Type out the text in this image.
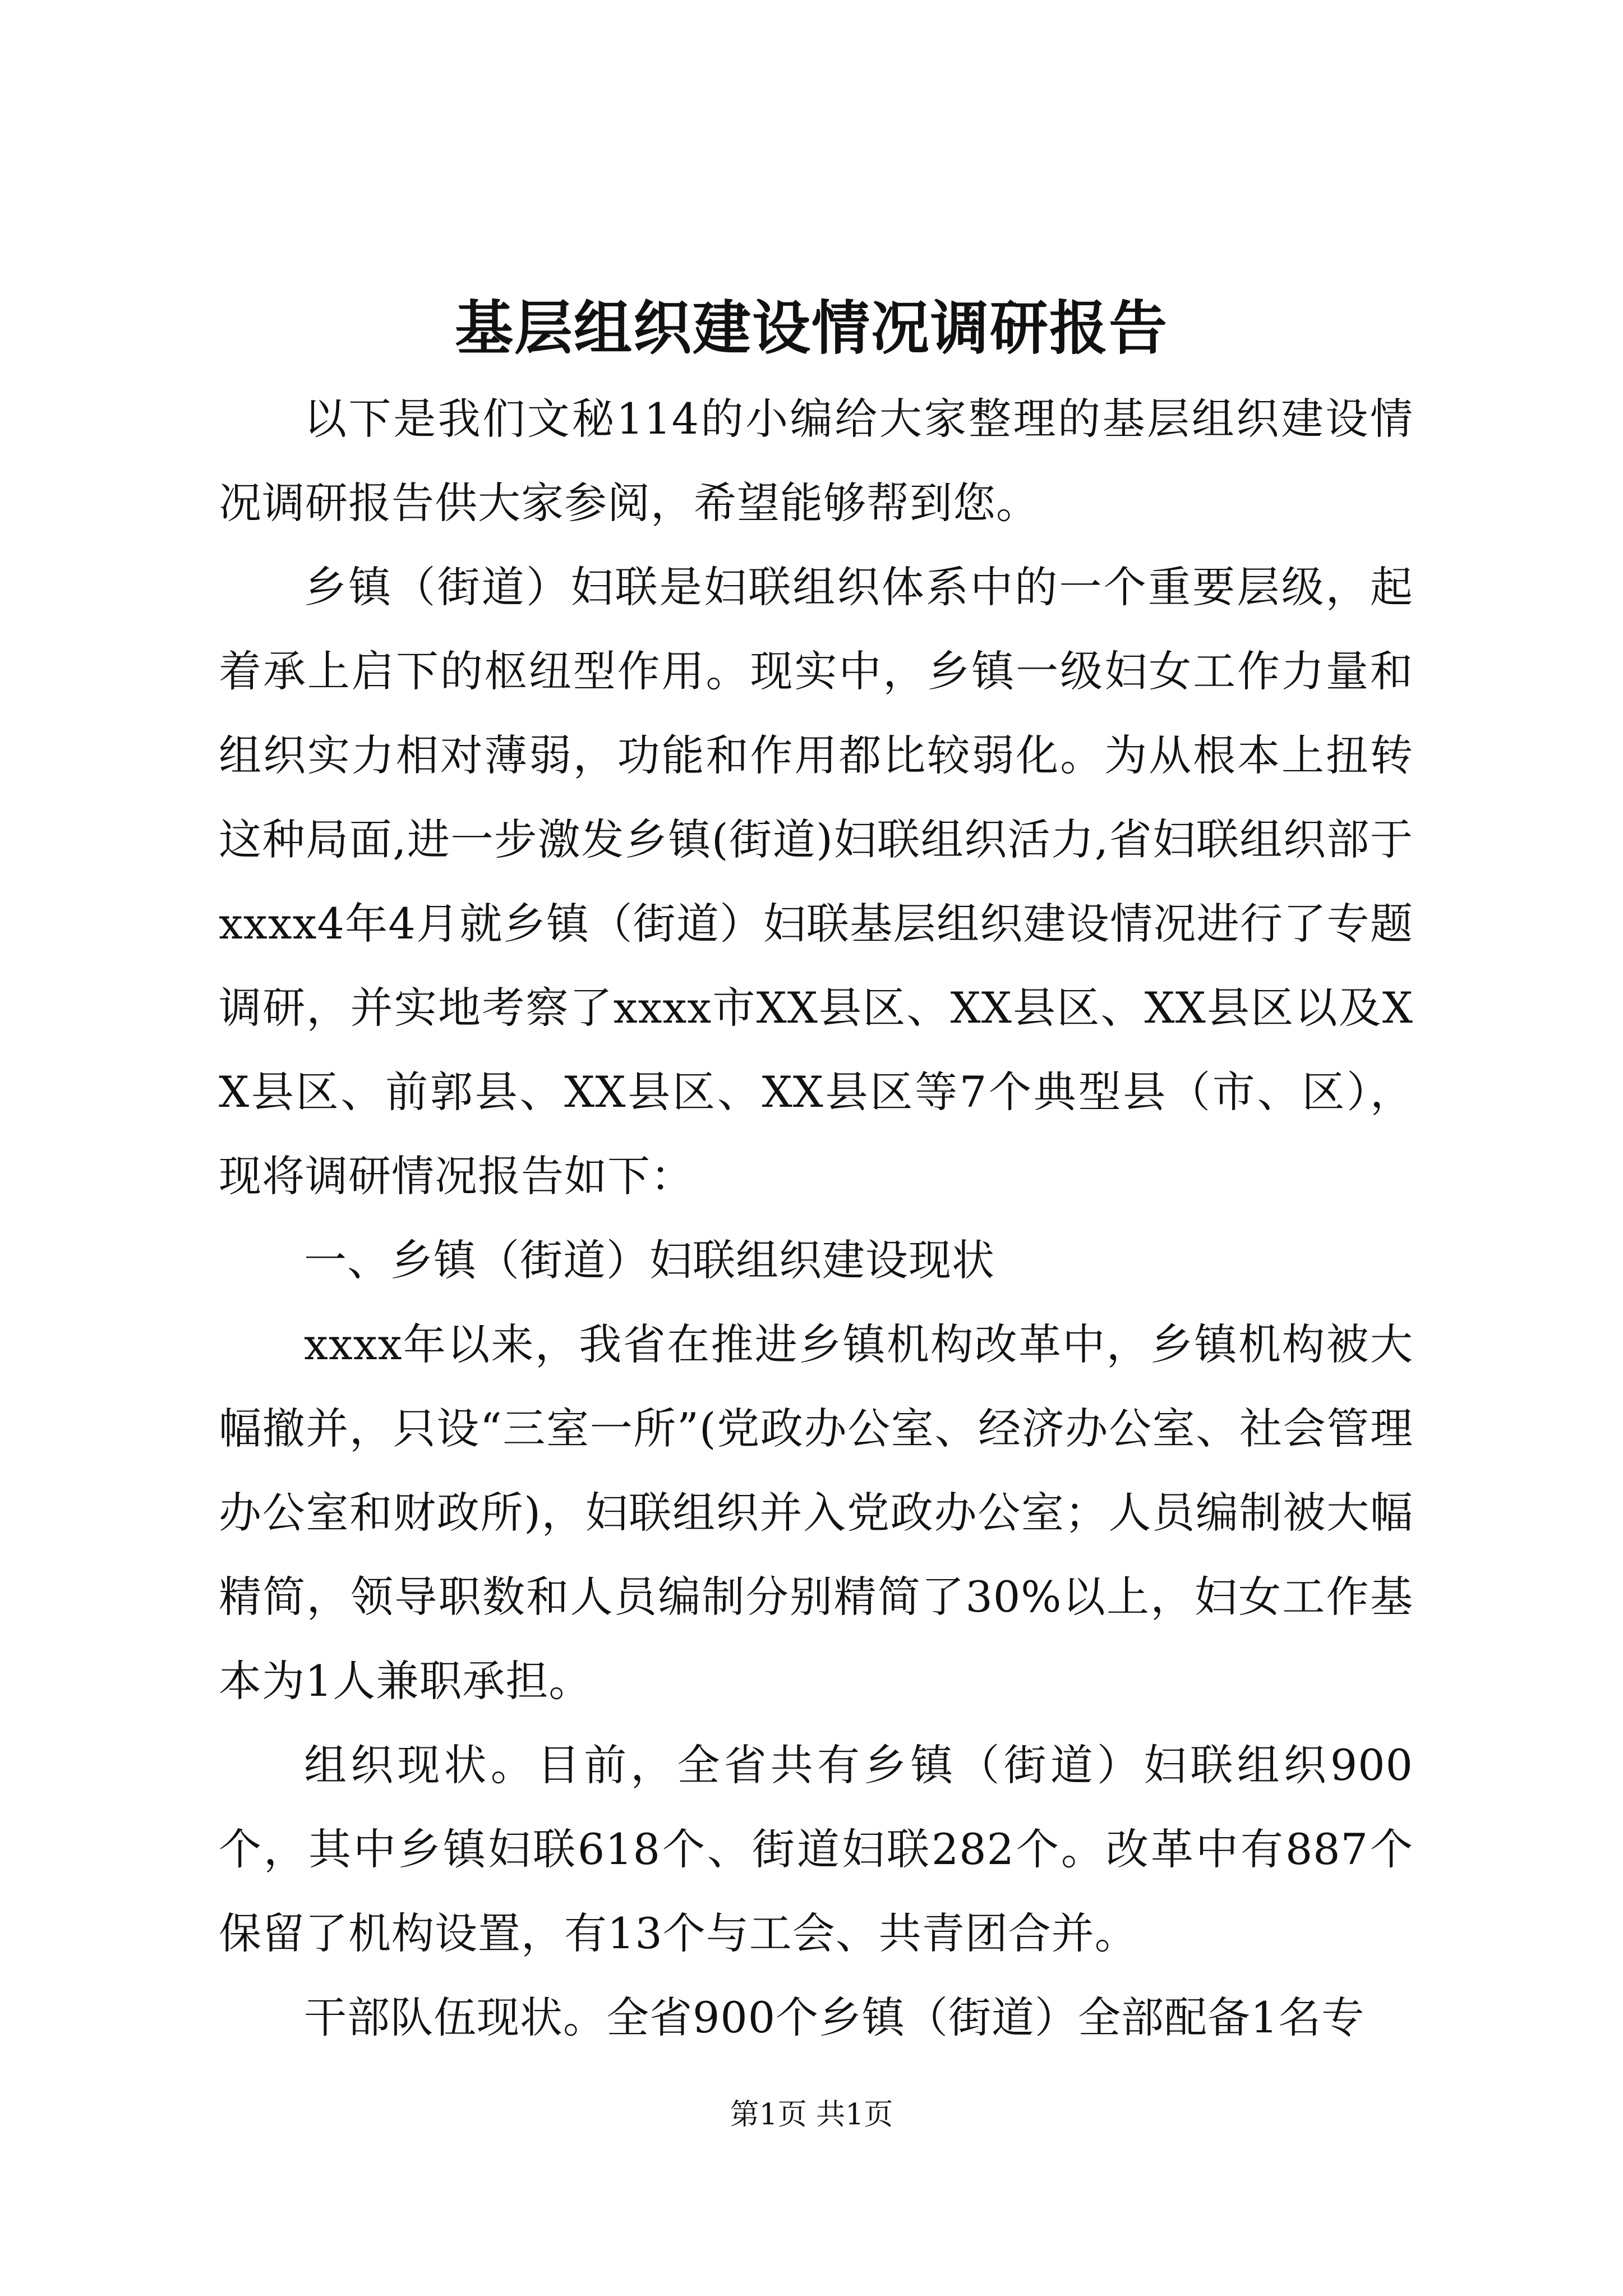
基层组织建设情况调研报告

以下是我们文秘114的小编给大家整理的基层组织建设情况调研报告供大家参阅，希望能够帮到您。

乡镇（街道）妇联是妇联组织体系中的一个重要层级，起着承上启下的枢纽型作用。现实中，乡镇一级妇女工作力量和组织实力相对薄弱，功能和作用都比较弱化。为从根本上扭转这种局面,进一步激发乡镇(街道)妇联组织活力,省妇联组织部于xxxx4年4月就乡镇（街道）妇联基层组织建设情况进行了专题调研，并实地考察了xxxx市XX县区、XX县区、XX县区以及XX县区、前郭县、XX县区、XX县区等7个典型县（市、区），现将调研情况报告如下：

一、乡镇（街道）妇联组织建设现状

xxxx年以来，我省在推进乡镇机构改革中，乡镇机构被大幅撤并，只设“三室一所”(党政办公室、经济办公室、社会管理办公室和财政所)，妇联组织并入党政办公室；人员编制被大幅精简，领导职数和人员编制分别精简了30%以上，妇女工作基本为1人兼职承担。

组织现状。目前，全省共有乡镇（街道）妇联组织900个，其中乡镇妇联618个、街道妇联282个。改革中有887个保留了机构设置，有13个与工会、共青团合并。

干部队伍现状。全省900个乡镇（街道）全部配备1名专

第1页 共1页
